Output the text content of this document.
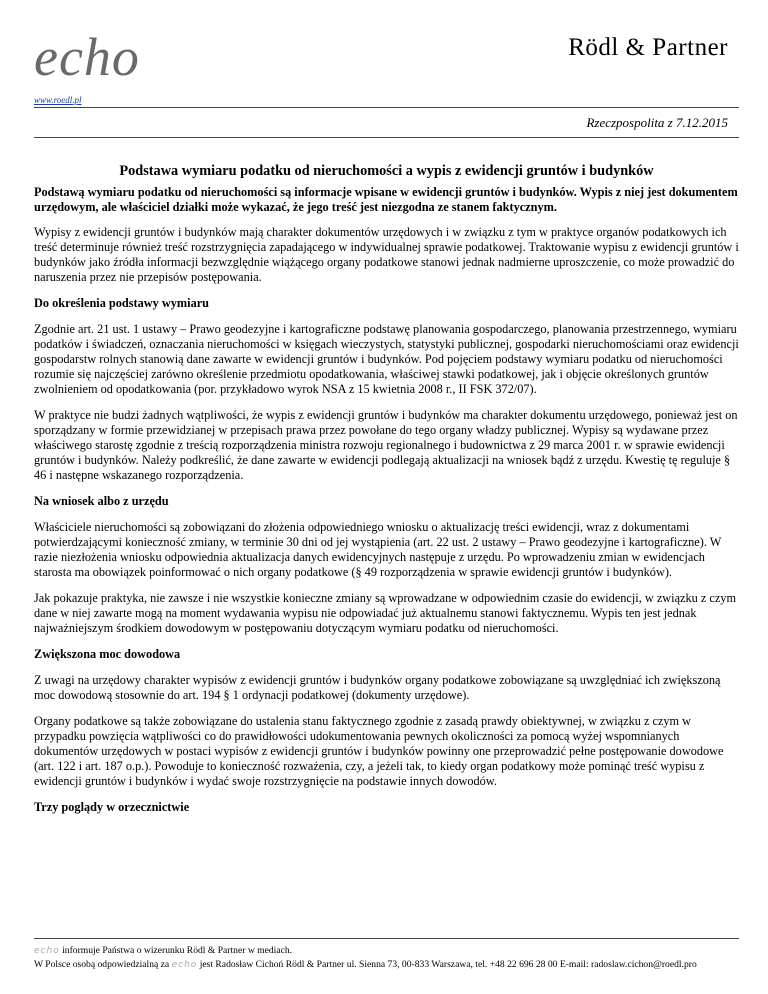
echo
www.roedl.pl
Rödl & Partner
Rzeczpospolita z 7.12.2015
Podstawa wymiaru podatku od nieruchomości a wypis z ewidencji gruntów i budynków
Podstawą wymiaru podatku od nieruchomości są informacje wpisane w ewidencji gruntów i budynków. Wypis z niej jest dokumentem urzędowym, ale właściciel działki może wykazać, że jego treść jest niezgodna ze stanem faktycznym.
Wypisy z ewidencji gruntów i budynków mają charakter dokumentów urzędowych i w związku z tym w praktyce organów podatkowych ich treść determinuje również treść rozstrzygnięcia zapadającego w indywidualnej sprawie podatkowej. Traktowanie wypisu z ewidencji gruntów i budynków jako źródła informacji bezwzględnie wiążącego organy podatkowe stanowi jednak nadmierne uproszczenie, co może prowadzić do naruszenia przez nie przepisów postępowania.
Do określenia podstawy wymiaru
Zgodnie art. 21 ust. 1 ustawy – Prawo geodezyjne i kartograficzne podstawę planowania gospodarczego, planowania przestrzennego, wymiaru podatków i świadczeń, oznaczania nieruchomości w księgach wieczystych, statystyki publicznej, gospodarki nieruchomościami oraz ewidencji gospodarstw rolnych stanowią dane zawarte w ewidencji gruntów i budynków. Pod pojęciem podstawy wymiaru podatku od nieruchomości rozumie się najczęściej zarówno określenie przedmiotu opodatkowania, właściwej stawki podatkowej, jak i objęcie określonych gruntów zwolnieniem od opodatkowania (por. przykładowo wyrok NSA z 15 kwietnia 2008 r., II FSK 372/07).
W praktyce nie budzi żadnych wątpliwości, że wypis z ewidencji gruntów i budynków ma charakter dokumentu urzędowego, ponieważ jest on sporządzany w formie przewidzianej w przepisach prawa przez powołane do tego organy władzy publicznej. Wypisy są wydawane przez właściwego starostę zgodnie z treścią rozporządzenia ministra rozwoju regionalnego i budownictwa z 29 marca 2001 r. w sprawie ewidencji gruntów i budynków. Należy podkreślić, że dane zawarte w ewidencji podlegają aktualizacji na wniosek bądź z urzędu. Kwestię tę reguluje § 46 i następne wskazanego rozporządzenia.
Na wniosek albo z urzędu
Właściciele nieruchomości są zobowiązani do złożenia odpowiedniego wniosku o aktualizację treści ewidencji, wraz z dokumentami potwierdzającymi konieczność zmiany, w terminie 30 dni od jej wystąpienia (art. 22 ust. 2 ustawy – Prawo geodezyjne i kartograficzne). W razie niezłożenia wniosku odpowiednia aktualizacja danych ewidencyjnych następuje z urzędu. Po wprowadzeniu zmian w ewidencjach starosta ma obowiązek poinformować o nich organy podatkowe (§ 49 rozporządzenia w sprawie ewidencji gruntów i budynków).
Jak pokazuje praktyka, nie zawsze i nie wszystkie konieczne zmiany są wprowadzane w odpowiednim czasie do ewidencji, w związku z czym dane w niej zawarte mogą na moment wydawania wypisu nie odpowiadać już aktualnemu stanowi faktycznemu. Wypis ten jest jednak najważniejszym środkiem dowodowym w postępowaniu dotyczącym wymiaru podatku od nieruchomości.
Zwiększona moc dowodowa
Z uwagi na urzędowy charakter wypisów z ewidencji gruntów i budynków organy podatkowe zobowiązane są uwzględniać ich zwiększoną moc dowodową stosownie do art. 194 § 1 ordynacji podatkowej (dokumenty urzędowe).
Organy podatkowe są także zobowiązane do ustalenia stanu faktycznego zgodnie z zasadą prawdy obiektywnej, w związku z czym w przypadku powzięcia wątpliwości co do prawidłowości udokumentowania pewnych okoliczności za pomocą wyżej wspomnianych dokumentów urzędowych w postaci wypisów z ewidencji gruntów i budynków powinny one przeprowadzić pełne postępowanie dowodowe (art. 122 i art. 187 o.p.). Powoduje to konieczność rozważenia, czy, a jeżeli tak, to kiedy organ podatkowy może pominąć treść wypisu z ewidencji gruntów i budynków i wydać swoje rozstrzygnięcie na podstawie innych dowodów.
Trzy poglądy w orzecznictwie
echo informuje Państwa o wizerunku Rödl & Partner w mediach.
W Polsce osobą odpowiedzialną za echo jest Radosław Cichoń Rödl & Partner ul. Sienna 73, 00-833 Warszawa, tel. +48 22 696 28 00 E-mail: radoslaw.cichon@roedl.pro
